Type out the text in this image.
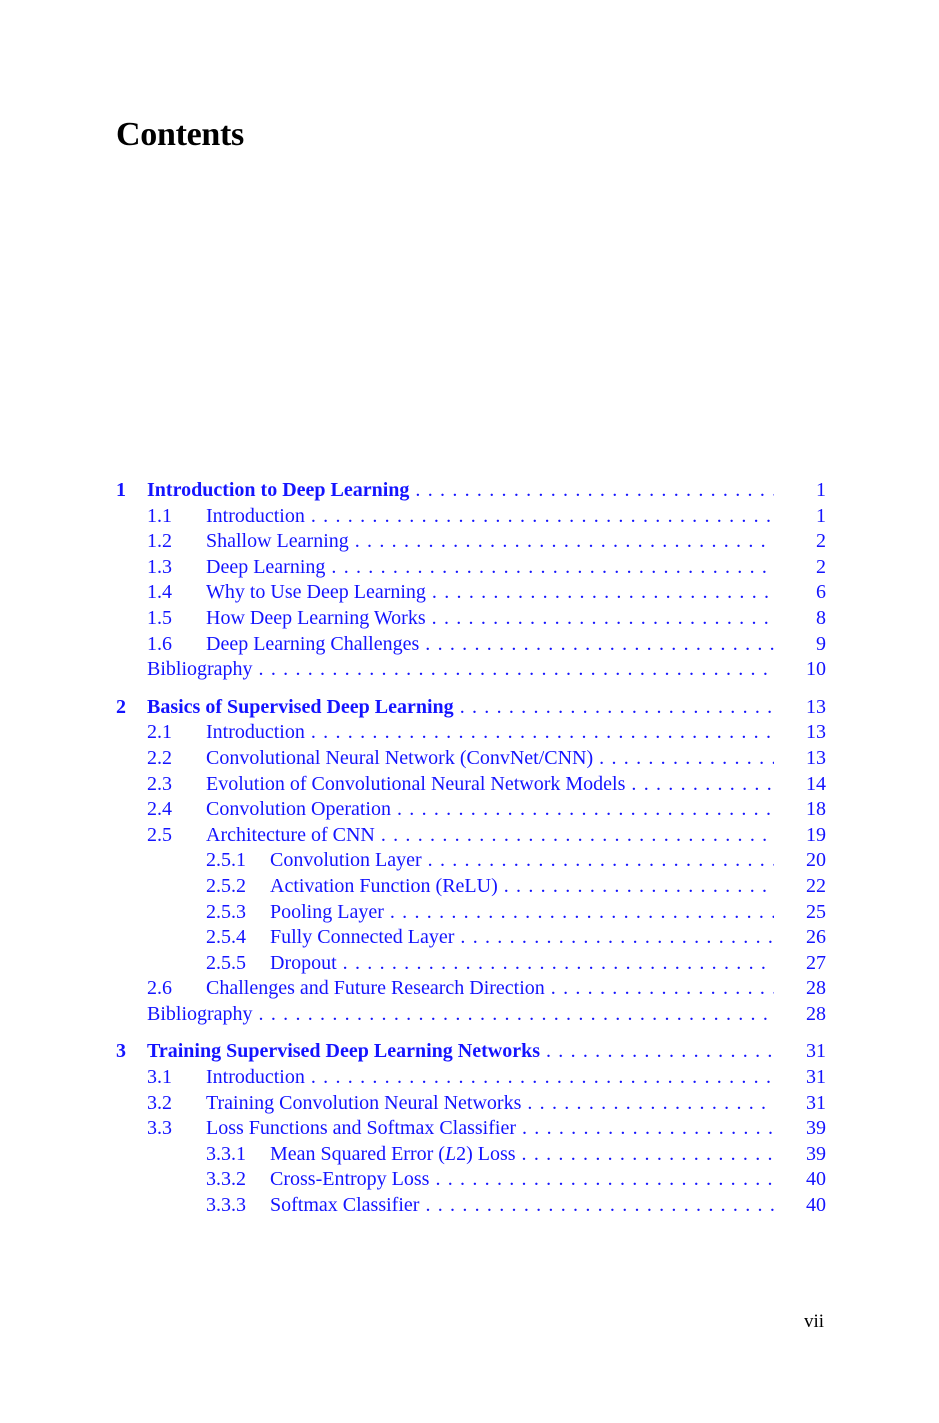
Contents
1	Introduction to Deep Learning . . .	1
1.1	Introduction . . .	1
1.2	Shallow Learning . . .	2
1.3	Deep Learning . . .	2
1.4	Why to Use Deep Learning . . .	6
1.5	How Deep Learning Works . . .	8
1.6	Deep Learning Challenges . . .	9
Bibliography . . .	10
2	Basics of Supervised Deep Learning . . .	13
2.1	Introduction . . .	13
2.2	Convolutional Neural Network (ConvNet/CNN) . . .	13
2.3	Evolution of Convolutional Neural Network Models . . .	14
2.4	Convolution Operation . . .	18
2.5	Architecture of CNN . . .	19
2.5.1	Convolution Layer . . .	20
2.5.2	Activation Function (ReLU) . . .	22
2.5.3	Pooling Layer . . .	25
2.5.4	Fully Connected Layer . . .	26
2.5.5	Dropout . . .	27
2.6	Challenges and Future Research Direction . . .	28
Bibliography . . .	28
3	Training Supervised Deep Learning Networks . . .	31
3.1	Introduction . . .	31
3.2	Training Convolution Neural Networks . . .	31
3.3	Loss Functions and Softmax Classifier . . .	39
3.3.1	Mean Squared Error (L2) Loss . . .	39
3.3.2	Cross-Entropy Loss . . .	40
3.3.3	Softmax Classifier . . .	40
vii
